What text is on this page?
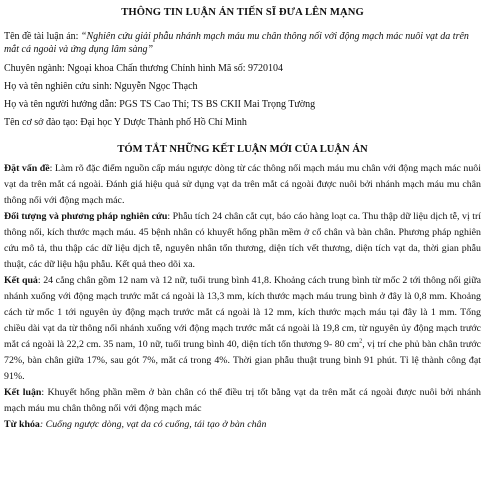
THÔNG TIN LUẬN ÁN TIẾN SĨ ĐƯA LÊN MẠNG

Tên đề tài luận án: “Nghiên cứu giải phẫu nhánh mạch máu mu chân thông nối với động mạch mác nuôi vạt da trên mắt cá ngoài và ứng dụng lâm sàng”

Chuyên ngành: Ngoại khoa Chấn thương Chỉnh hình Mã số: 9720104

Họ và tên nghiên cứu sinh: Nguyễn Ngọc Thạch

Họ và tên người hướng dẫn: PGS TS Cao Thỉ; TS BS CKII Mai Trọng Tường

Tên cơ sở đào tạo: Đại học Y Dược Thành phố Hồ Chí Minh

TÓM TẮT NHỮNG KẾT LUẬN MỚI CỦA LUẬN ÁN

Đặt vấn đề: Làm rõ đặc điểm nguồn cấp máu ngược dòng từ các thông nối mạch máu mu chân với động mạch mác nuôi vạt da trên mắt cá ngoài. Đánh giá hiệu quả sử dụng vạt da trên mắt cá ngoài được nuôi bởi nhánh mạch máu mu chân thông nối với động mạch mác.

Đối tượng và phương pháp nghiên cứu: Phẫu tích 24 chân cắt cụt, báo cáo hàng loạt ca. Thu thập dữ liệu dịch tễ, vị trí thông nối, kích thước mạch máu. 45 bệnh nhân có khuyết hổng phần mềm ở cổ chân và bàn chân. Phương pháp nghiên cứu mô tả, thu thập các dữ liệu dịch tễ, nguyên nhân tổn thương, diện tích vết thương, diện tích vạt da, thời gian phẫu thuật, các dữ liệu hậu phẫu. Kết quả theo dõi xa.

Kết quả: 24 cẳng chân gồm 12 nam và 12 nữ, tuổi trung bình 41,8. Khoảng cách trung bình từ mốc 2 tới thông nối giữa nhánh xuống với động mạch trước mắt cá ngoài là 13,3 mm, kích thước mạch máu trung bình ở đây là 0,8 mm. Khoảng cách từ mốc 1 tới nguyên ủy động mạch trước mắt cá ngoài là 12 mm, kích thước mạch máu tại đây là 1 mm. Tổng chiều dài vạt da từ thông nối nhánh xuống với động mạch trước mắt cá ngoài là 19,8 cm, từ nguyên ủy động mạch trước mắt cá ngoài là 22,2 cm. 35 nam, 10 nữ, tuổi trung bình 40, diện tích tổn thương 9- 80 $cm^2$, vị trí che phủ bàn chân trước 72%, bàn chân giữa 17%, sau gót 7%, mắt cá trong 4%. Thời gian phẫu thuật trung bình 91 phút. Tỉ lệ thành công đạt 91%.

Kết luận: Khuyết hổng phần mềm ở bàn chân có thể điều trị tốt bằng vạt da trên mắt cá ngoài được nuôi bởi nhánh mạch máu mu chân thông nối với động mạch mác

Từ khóa: Cuống ngược dòng, vạt da có cuống, tái tạo ở bàn chân
